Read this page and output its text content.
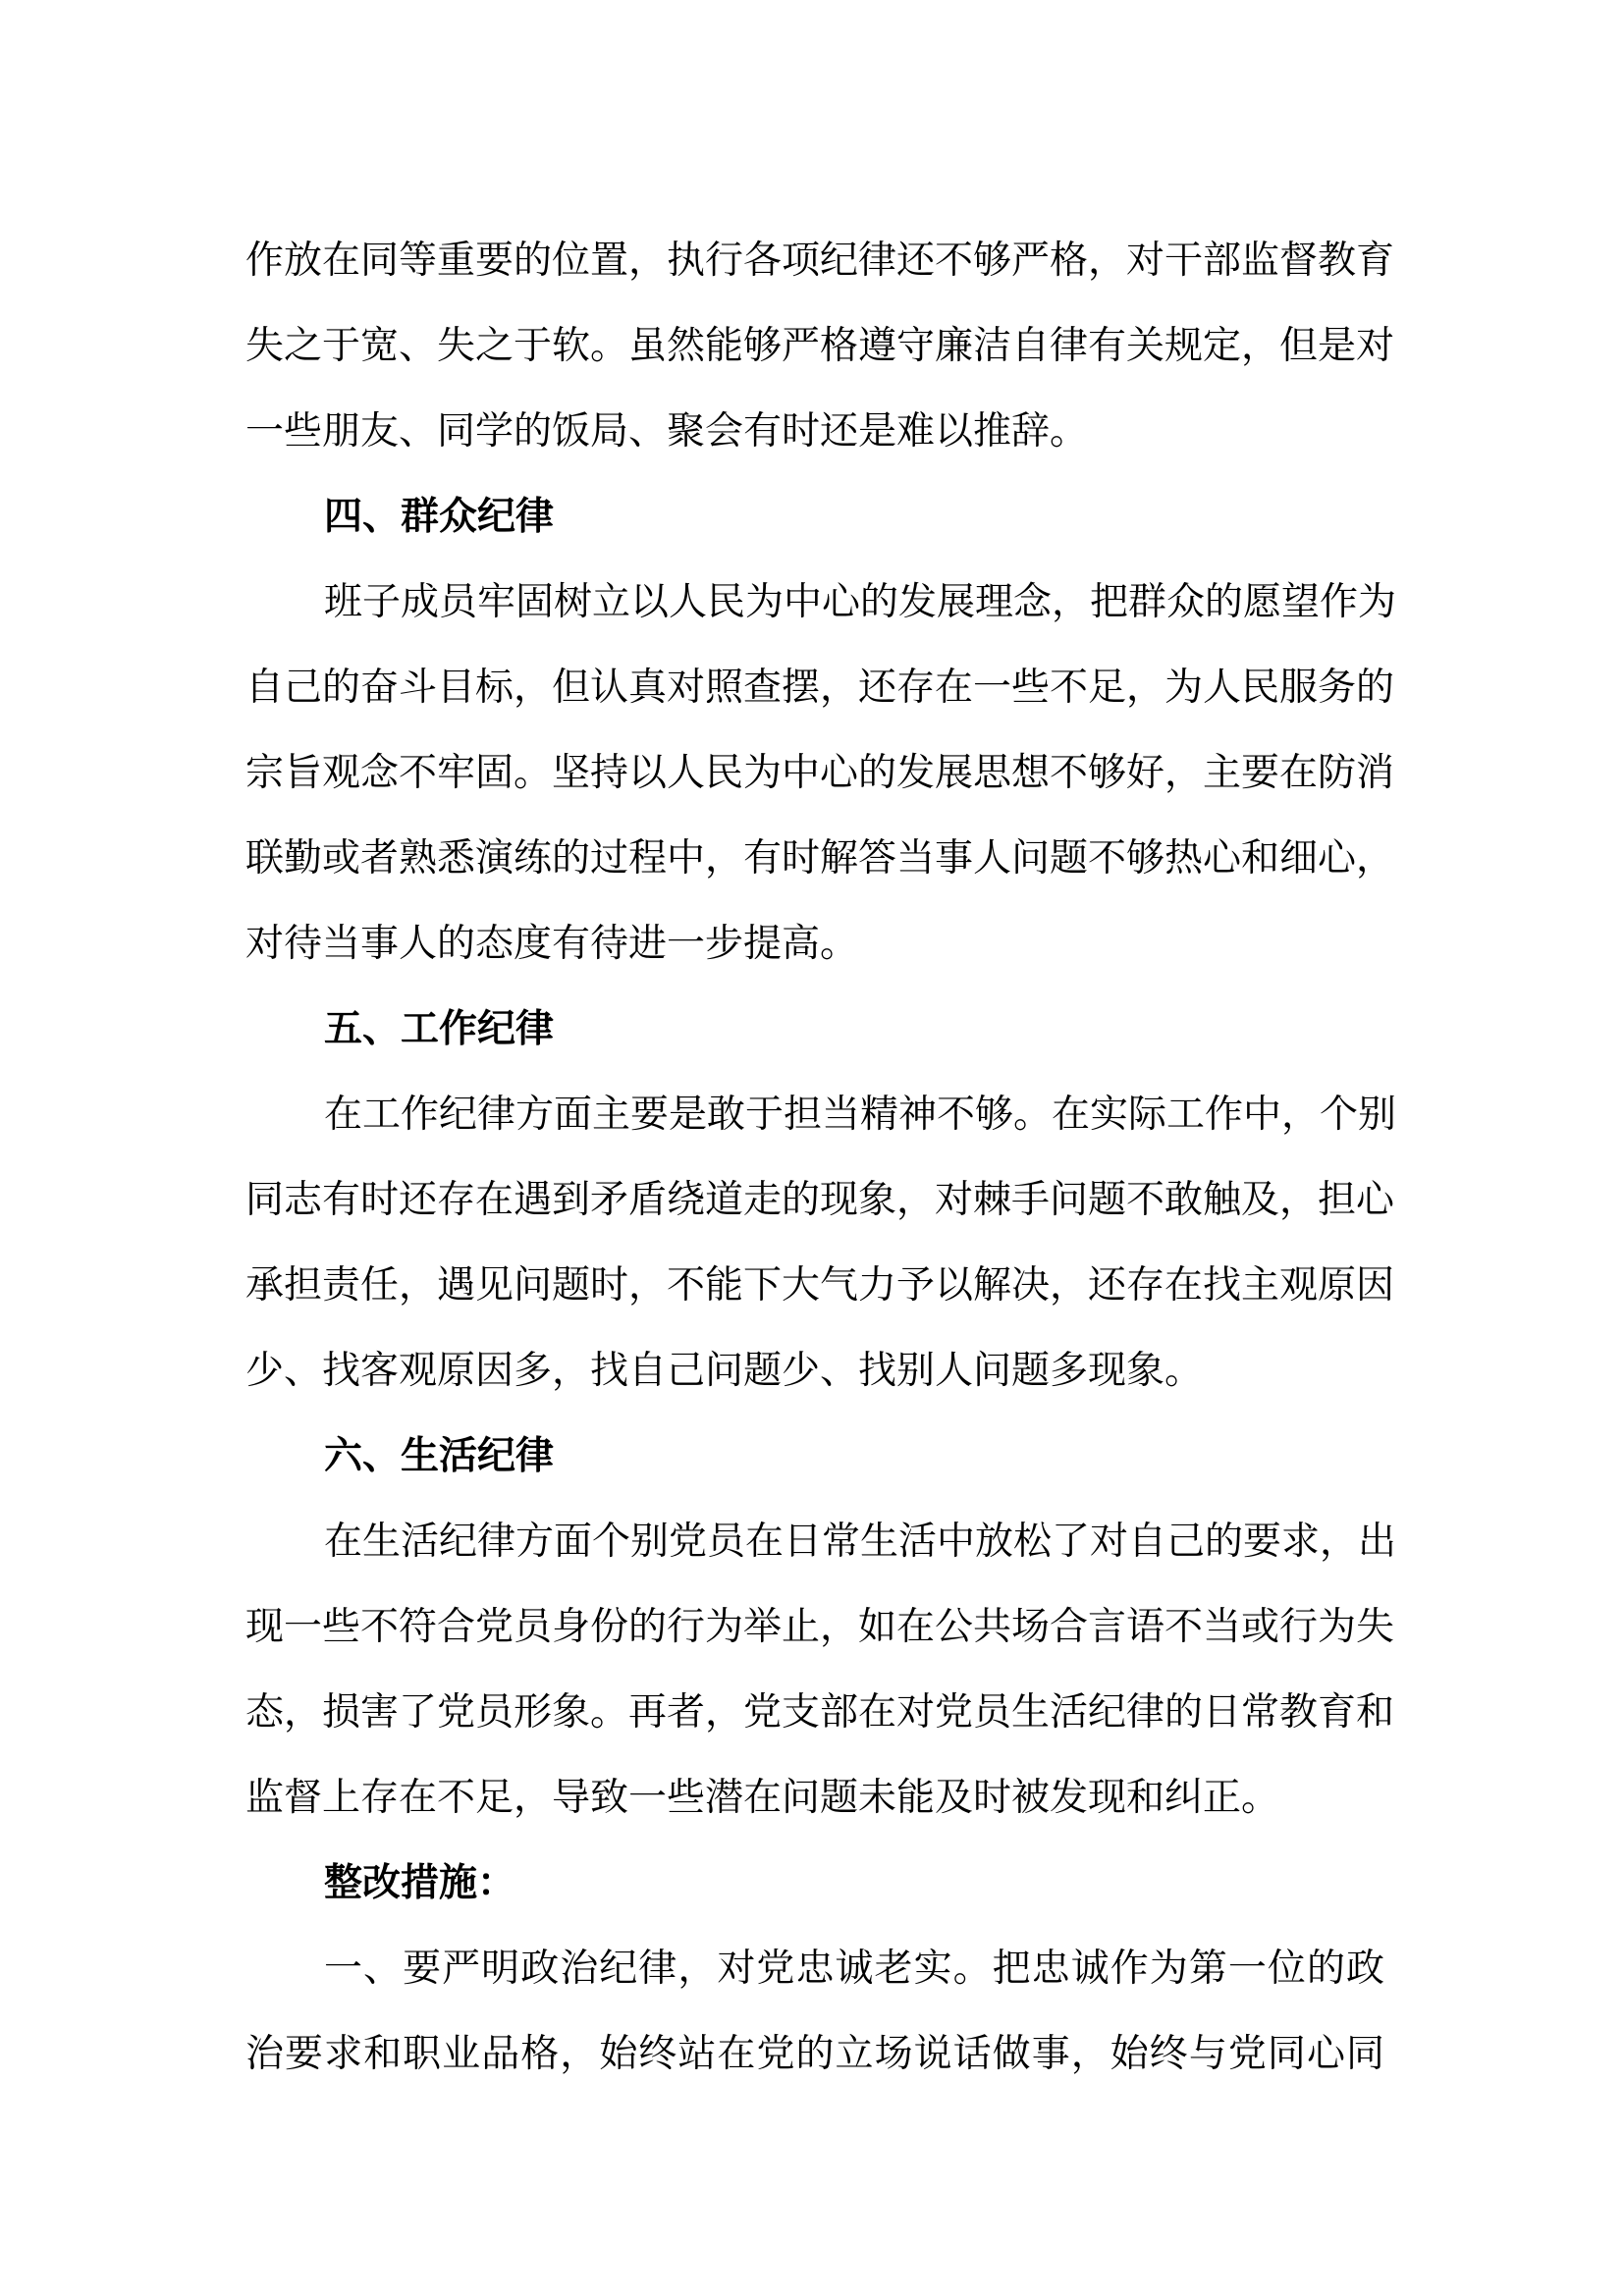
作放在同等重要的位置，执行各项纪律还不够严格，对干部监督教育
失之于宽、失之于软。虽然能够严格遵守廉洁自律有关规定，但是对
一些朋友、同学的饭局、聚会有时还是难以推辞。
四、群众纪律
班子成员牢固树立以人民为中心的发展理念，把群众的愿望作为
自己的奋斗目标，但认真对照查摆，还存在一些不足，为人民服务的
宗旨观念不牢固。坚持以人民为中心的发展思想不够好，主要在防消
联勤或者熟悉演练的过程中，有时解答当事人问题不够热心和细心，
对待当事人的态度有待进一步提高。
五、工作纪律
在工作纪律方面主要是敢于担当精神不够。在实际工作中，个别
同志有时还存在遇到矛盾绕道走的现象，对棘手问题不敢触及，担心
承担责任，遇见问题时，不能下大气力予以解决，还存在找主观原因
少、找客观原因多，找自己问题少、找别人问题多现象。
六、生活纪律
在生活纪律方面个别党员在日常生活中放松了对自己的要求，出
现一些不符合党员身份的行为举止，如在公共场合言语不当或行为失
态，损害了党员形象。再者，党支部在对党员生活纪律的日常教育和
监督上存在不足，导致一些潜在问题未能及时被发现和纠正。
整改措施：
一、要严明政治纪律，对党忠诚老实。把忠诚作为第一位的政
治要求和职业品格，始终站在党的立场说话做事，始终与党同心同
